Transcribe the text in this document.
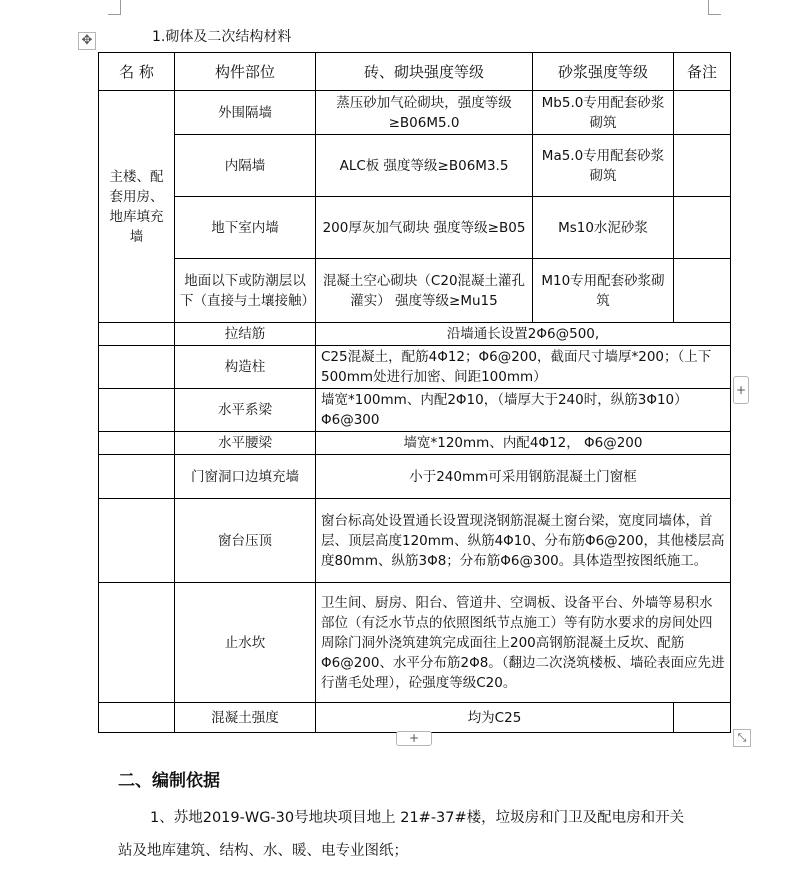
✥	1.砌体及二次结构材料
名 称	构件部位	砖、砌块强度等级	砂浆强度等级	备注
主楼、配套用房、地库填充墙	外围隔墙	蒸压砂加气砼砌块，强度等级≥B06M5.0	Mb5.0专用配套砂浆砌筑	
	内隔墙	ALC板 强度等级≥B06M3.5	Ma5.0专用配套砂浆砌筑	
	地下室内墙	200厚灰加气砌块 强度等级≥B05	Ms10水泥砂浆	
	地面以下或防潮层以下（直接与土壤接触）	混凝土空心砌块（C20混凝土灌孔灌实） 强度等级≥Mu15	M10专用配套砂浆砌筑	
	拉结筋	沿墙通长设置2Φ6@500,		
	构造柱	C25混凝土，配筋4Φ12；Φ6@200，截面尺寸墙厚*200；（上下500mm处进行加密、间距100mm）		
	水平系梁	墙宽*100mm、内配2Φ10，（墙厚大于240时，纵筋3Φ10）Φ6@300		
	水平腰梁	墙宽*120mm、内配4Φ12， Φ6@200		
	门窗洞口边填充墙	小于240mm可采用钢筋混凝土门窗框		
	窗台压顶	窗台标高处设置通长设置现浇钢筋混凝土窗台梁，宽度同墙体，首层、顶层高度120mm、纵筋4Φ10、分布筋Φ6@200，其他楼层高度80mm、纵筋3Φ8；分布筋Φ6@300。具体造型按图纸施工。		
	止水坎	卫生间、厨房、阳台、管道井、空调板、设备平台、外墙等易积水部位（有泛水节点的依照图纸节点施工）等有防水要求的房间处四周除门洞外浇筑建筑完成面往上200高钢筋混凝土反坎、配筋Φ6@200、水平分布筋2Φ8。（翻边二次浇筑楼板、墙砼表面应先进行凿毛处理），砼强度等级C20。		
	混凝土强度	均为C25		
+
+	⤡
二、编制依据
1、苏地2019-WG-30号地块项目地上 21#-37#楼，垃圾房和门卫及配电房和开关
站及地库建筑、结构、水、暖、电专业图纸；
